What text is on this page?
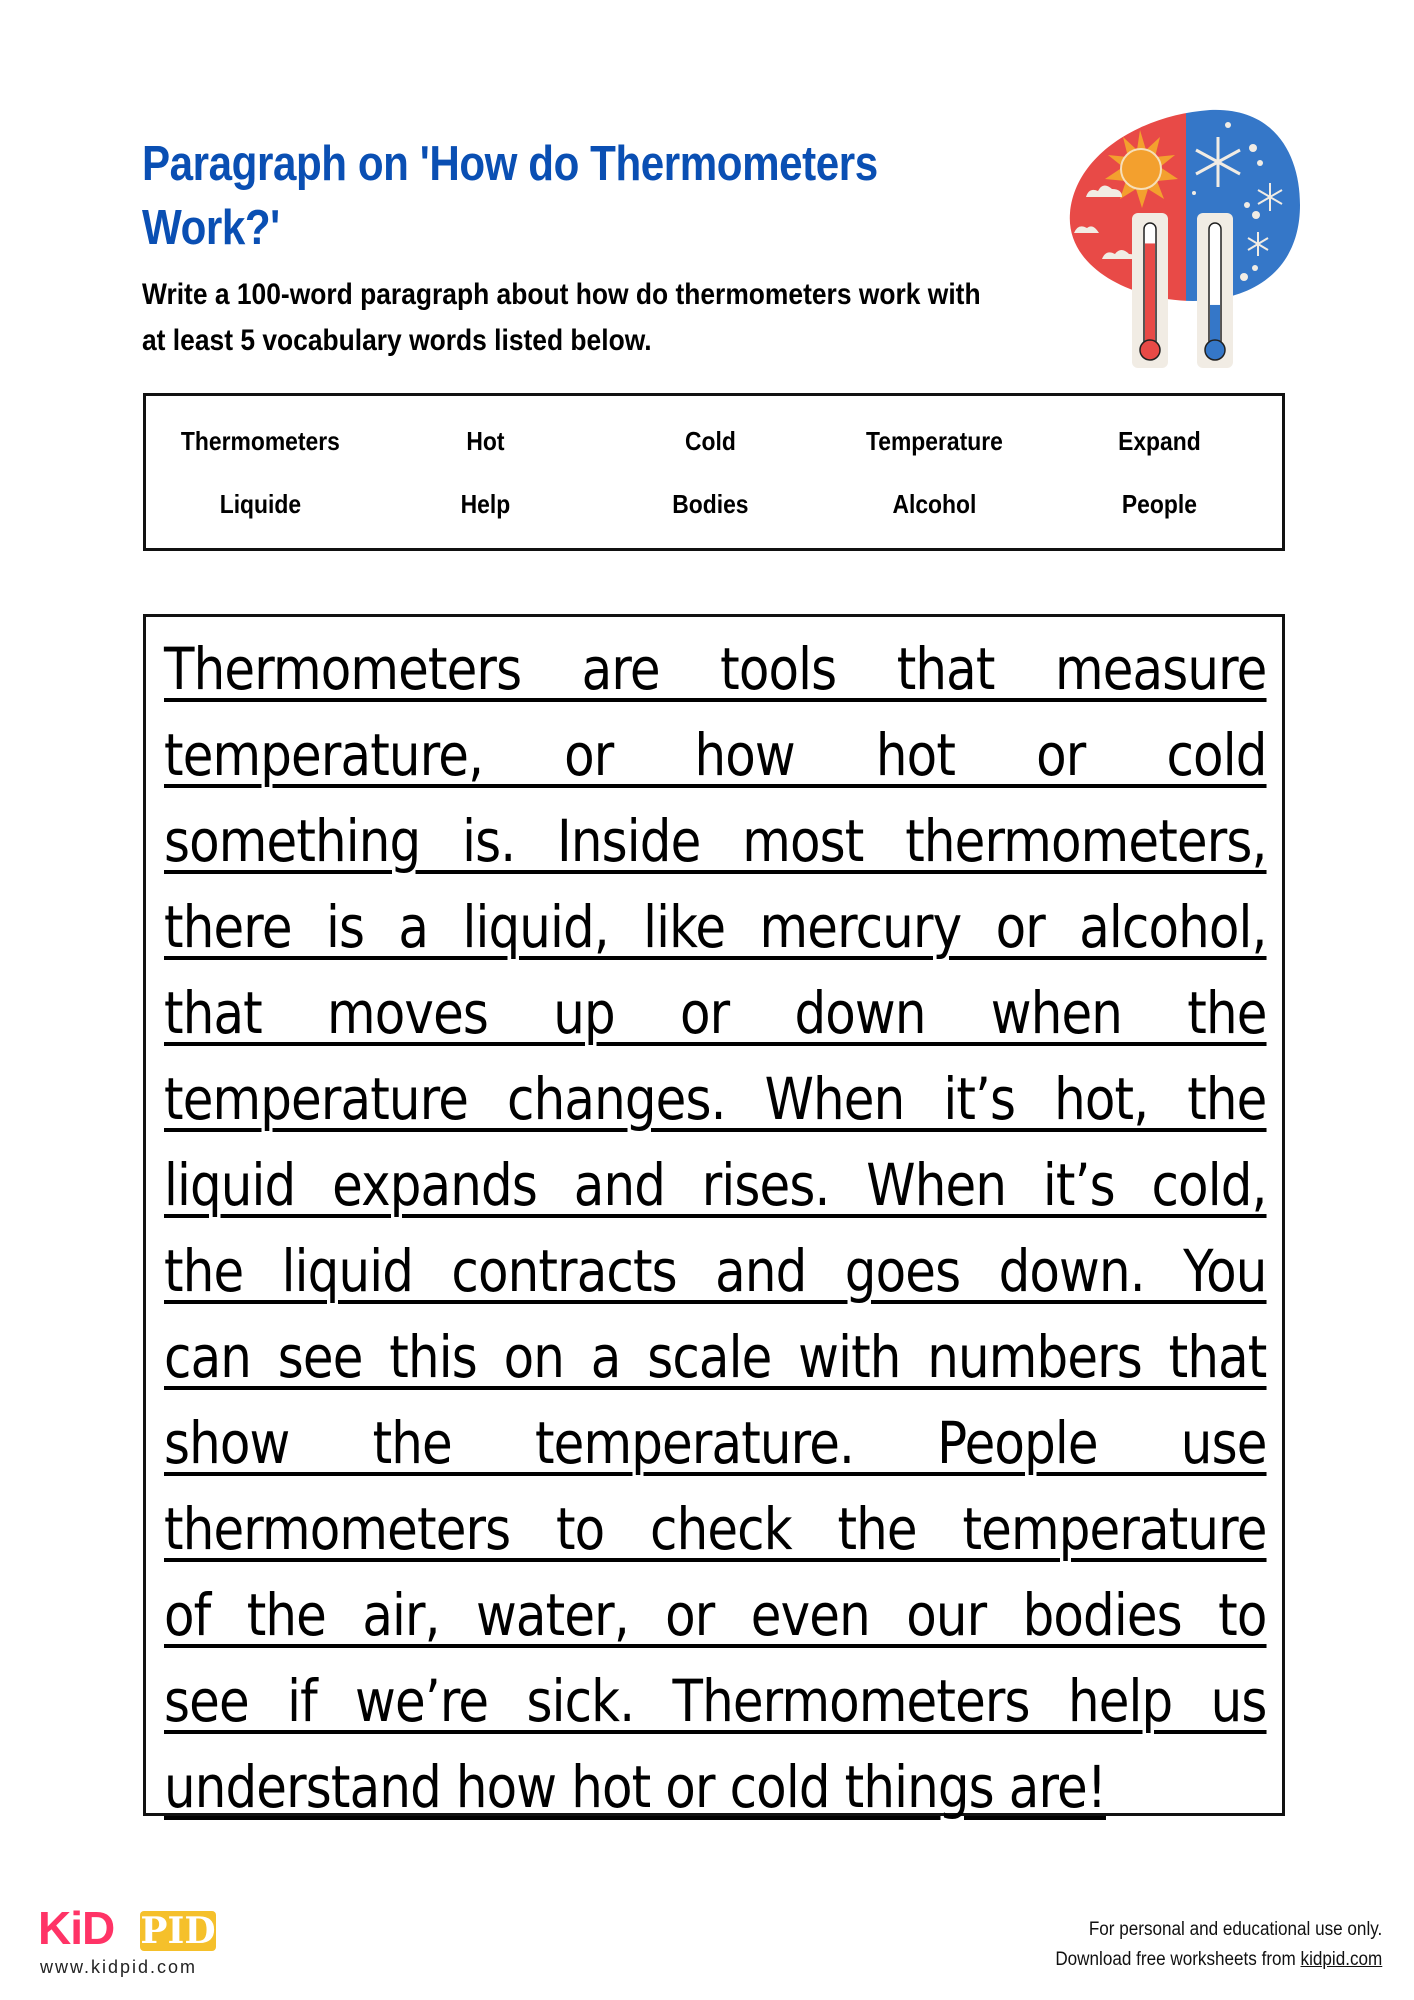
Paragraph on 'How do Thermometers Work?'
Write a 100-word paragraph about how do thermometers work with at least 5 vocabulary words listed below.
Thermometers	Hot	Cold	Temperature	Expand
Liquide	Help	Bodies	Alcohol	People
Thermometers are tools that measure
temperature, or how hot or cold
something is. Inside most thermometers,
there is a liquid, like mercury or alcohol,
that moves up or down when the
temperature changes. When it’s hot, the
liquid expands and rises. When it’s cold,
the liquid contracts and goes down. You
can see this on a scale with numbers that
show the temperature. People use
thermometers to check the temperature
of the air, water, or even our bodies to
see if we’re sick. Thermometers help us
understand how hot or cold things are!
KiD PID
www.kidpid.com
For personal and educational use only.
Download free worksheets from kidpid.com
